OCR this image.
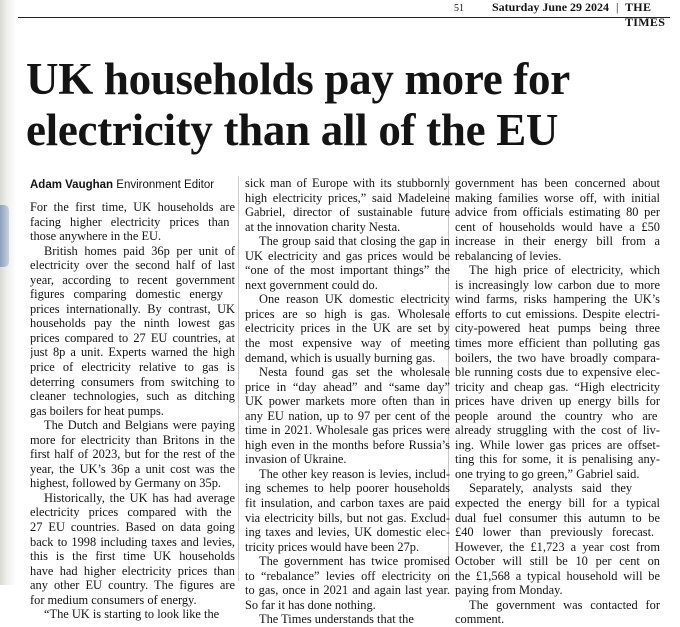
51 Saturday June 29 2024 | THE TIMES
UK households pay more for
electricity than all of the EU
Adam Vaughan Environment Editor
For the first time, UK households are
facing higher electricity prices than
those anywhere in the EU.
British homes paid 36p per unit of
electricity over the second half of last
year, according to recent government
figures comparing domestic energy
prices internationally. By contrast, UK
households pay the ninth lowest gas
prices compared to 27 EU countries, at
just 8p a unit. Experts warned the high
price of electricity relative to gas is
deterring consumers from switching to
cleaner technologies, such as ditching
gas boilers for heat pumps.
The Dutch and Belgians were paying
more for electricity than Britons in the
first half of 2023, but for the rest of the
year, the UK’s 36p a unit cost was the
highest, followed by Germany on 35p.
Historically, the UK has had average
electricity prices compared with the
27 EU countries. Based on data going
back to 1998 including taxes and levies,
this is the first time UK households
have had higher electricity prices than
any other EU country. The figures are
for medium consumers of energy.
“The UK is starting to look like the
sick man of Europe with its stubbornly
high electricity prices,” said Madeleine
Gabriel, director of sustainable future
at the innovation charity Nesta.
The group said that closing the gap in
UK electricity and gas prices would be
“one of the most important things” the
next government could do.
One reason UK domestic electricity
prices are so high is gas. Wholesale
electricity prices in the UK are set by
the most expensive way of meeting
demand, which is usually burning gas.
Nesta found gas set the wholesale
price in “day ahead” and “same day”
UK power markets more often than in
any EU nation, up to 97 per cent of the
time in 2021. Wholesale gas prices were
high even in the months before Russia’s
invasion of Ukraine.
The other key reason is levies, includ-
ing schemes to help poorer households
fit insulation, and carbon taxes are paid
via electricity bills, but not gas. Exclud-
ing taxes and levies, UK domestic elec-
tricity prices would have been 27p.
The government has twice promised
to “rebalance” levies off electricity on
to gas, once in 2021 and again last year.
So far it has done nothing.
The Times understands that the
government has been concerned about
making families worse off, with initial
advice from officials estimating 80 per
cent of households would have a £50
increase in their energy bill from a
rebalancing of levies.
The high price of electricity, which
is increasingly low carbon due to more
wind farms, risks hampering the UK’s
efforts to cut emissions. Despite electri-
city-powered heat pumps being three
times more efficient than polluting gas
boilers, the two have broadly compara-
ble running costs due to expensive elec-
tricity and cheap gas. “High electricity
prices have driven up energy bills for
people around the country who are
already struggling with the cost of liv-
ing. While lower gas prices are offset-
ting this for some, it is penalising any-
one trying to go green,” Gabriel said.
Separately, analysts said they
expected the energy bill for a typical
dual fuel consumer this autumn to be
£40 lower than previously forecast.
However, the £1,723 a year cost from
October will still be 10 per cent on
the £1,568 a typical household will be
paying from Monday.
The government was contacted for
comment.
